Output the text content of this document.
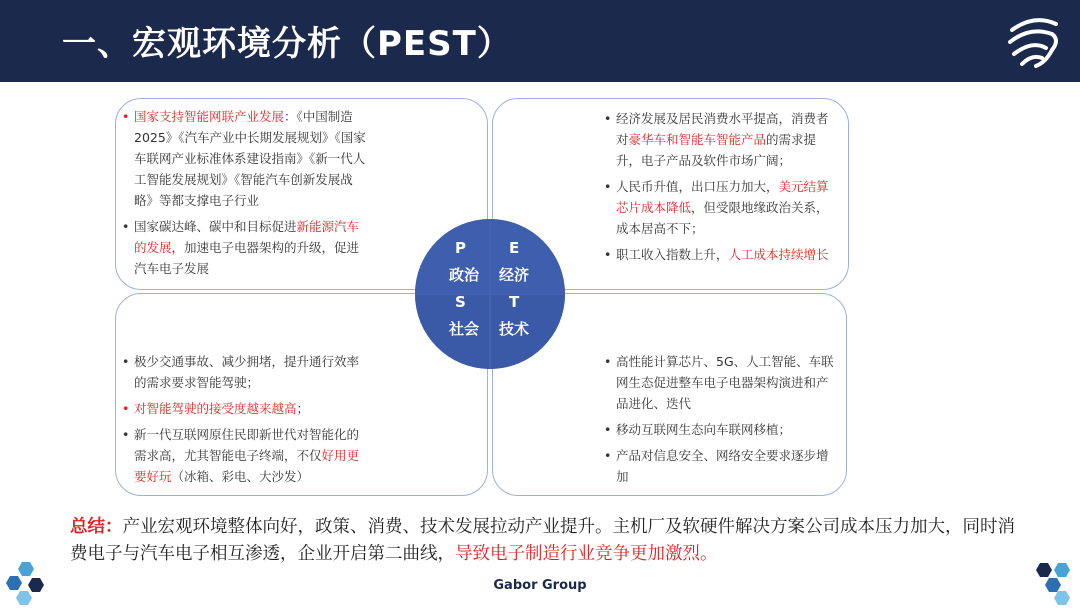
一、宏观环境分析（PEST）
• 国家支持智能网联产业发展：《中国制造2025》《汽车产业中长期发展规划》《国家车联网产业标准体系建设指南》《新一代人工智能发展规划》《智能汽车创新发展战略》等都支撑电子行业
• 国家碳达峰、碳中和目标促进新能源汽车的发展，加速电子电器架构的升级，促进汽车电子发展
• 经济发展及居民消费水平提高，消费者对豪华车和智能车智能产品的需求提升，电子产品及软件市场广阔；
• 人民币升值，出口压力加大，美元结算芯片成本降低，但受限地缘政治关系，成本居高不下；
• 职工收入指数上升，人工成本持续增长
• 极少交通事故、减少拥堵，提升通行效率的需求要求智能驾驶；
• 对智能驾驶的接受度越来越高；
• 新一代互联网原住民即新世代对智能化的需求高，尤其智能电子终端，不仅好用更要好玩（冰箱、彩电、大沙发）
• 高性能计算芯片、5G、人工智能、车联网生态促进整车电子电器架构演进和产品进化、迭代
• 移动互联网生态向车联网移植；
• 产品对信息安全、网络安全要求逐步增加
P
政治
E
经济
S
社会
T
技术
总结：产业宏观环境整体向好，政策、消费、技术发展拉动产业提升。主机厂及软硬件解决方案公司成本压力加大，同时消费电子与汽车电子相互渗透，企业开启第二曲线，导致电子制造行业竞争更加激烈。
Gabor Group
